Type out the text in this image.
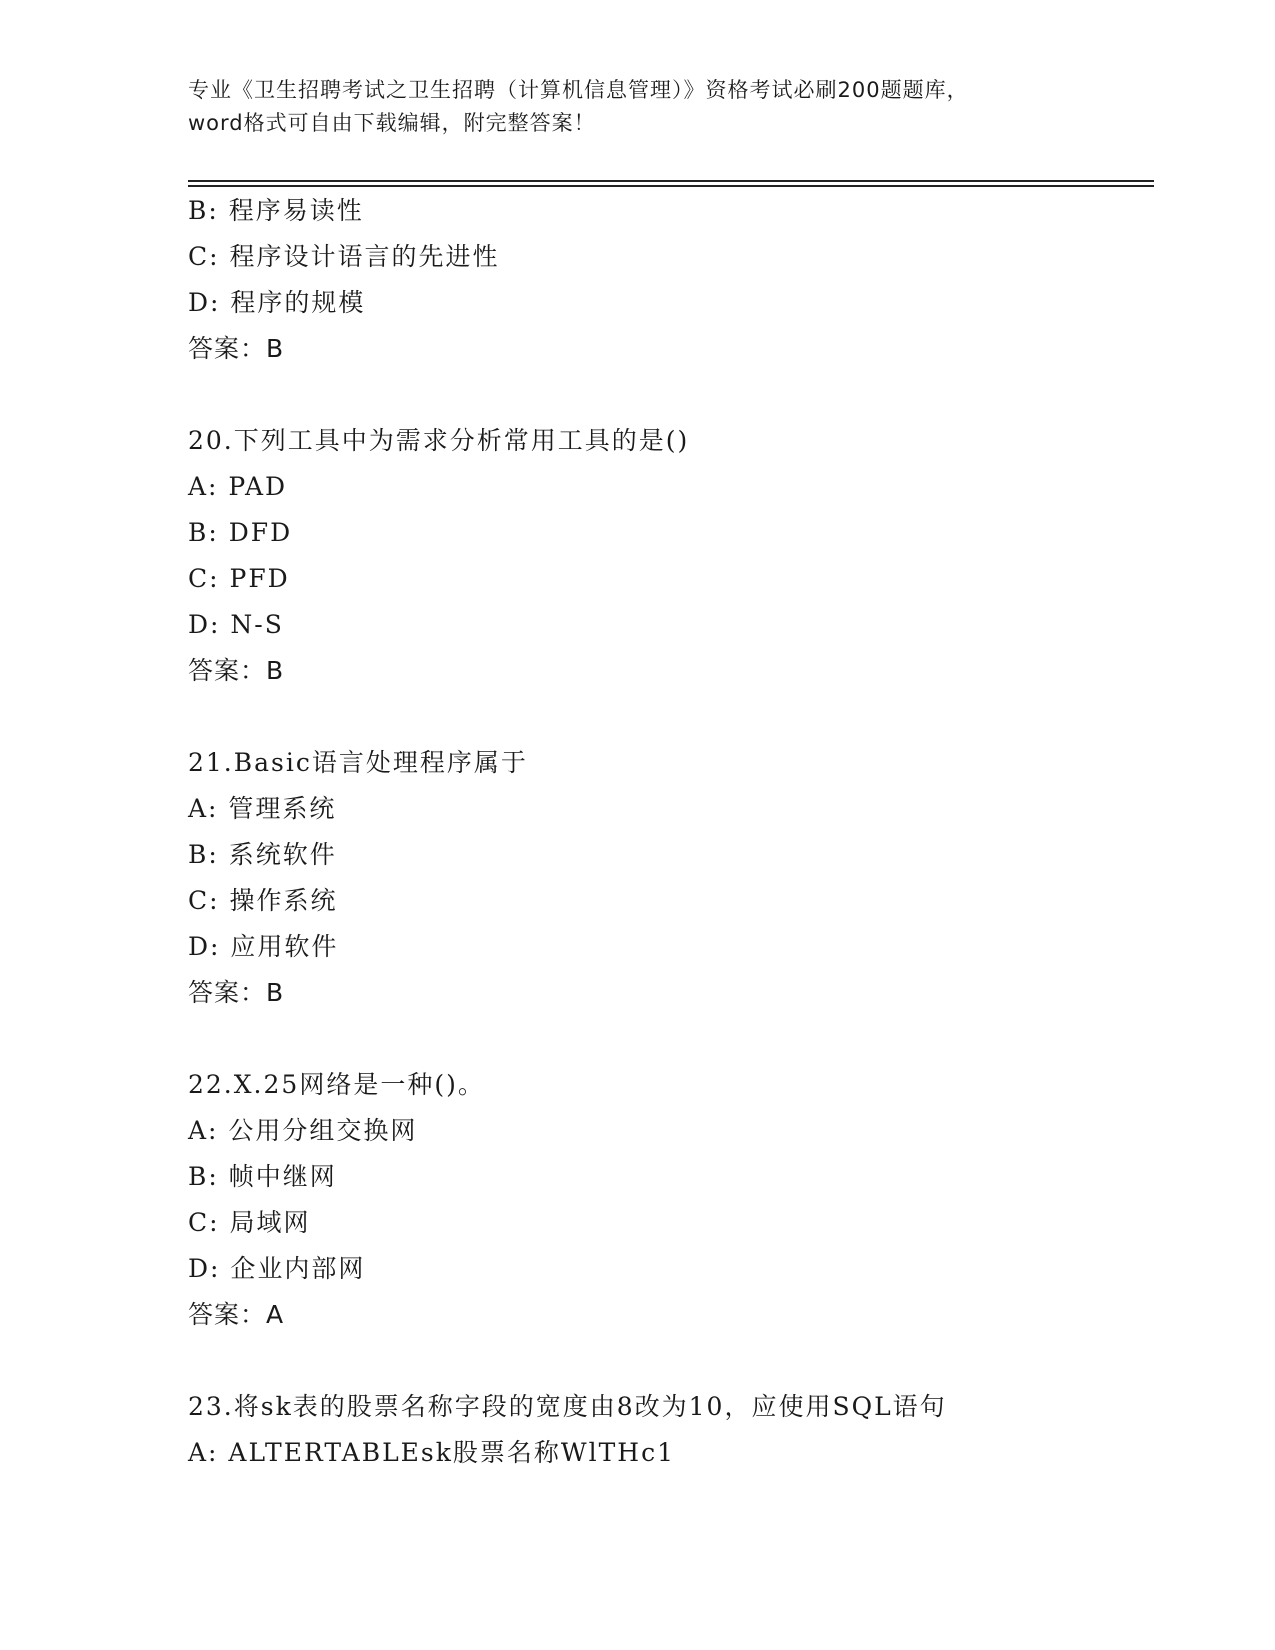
专业《卫生招聘考试之卫生招聘（计算机信息管理）》资格考试必刷200题题库，
word格式可自由下载编辑，附完整答案！
B: 程序易读性
C: 程序设计语言的先进性
D: 程序的规模
答案：B
20.下列工具中为需求分析常用工具的是()
A: PAD
B: DFD
C: PFD
D: N-S
答案：B
21.Basic语言处理程序属于
A: 管理系统
B: 系统软件
C: 操作系统
D: 应用软件
答案：B
22.X.25网络是一种()。
A: 公用分组交换网
B: 帧中继网
C: 局域网
D: 企业内部网
答案：A
23.将sk表的股票名称字段的宽度由8改为10，应使用SQL语句
A: ALTERTABLEsk股票名称WlTHc1
